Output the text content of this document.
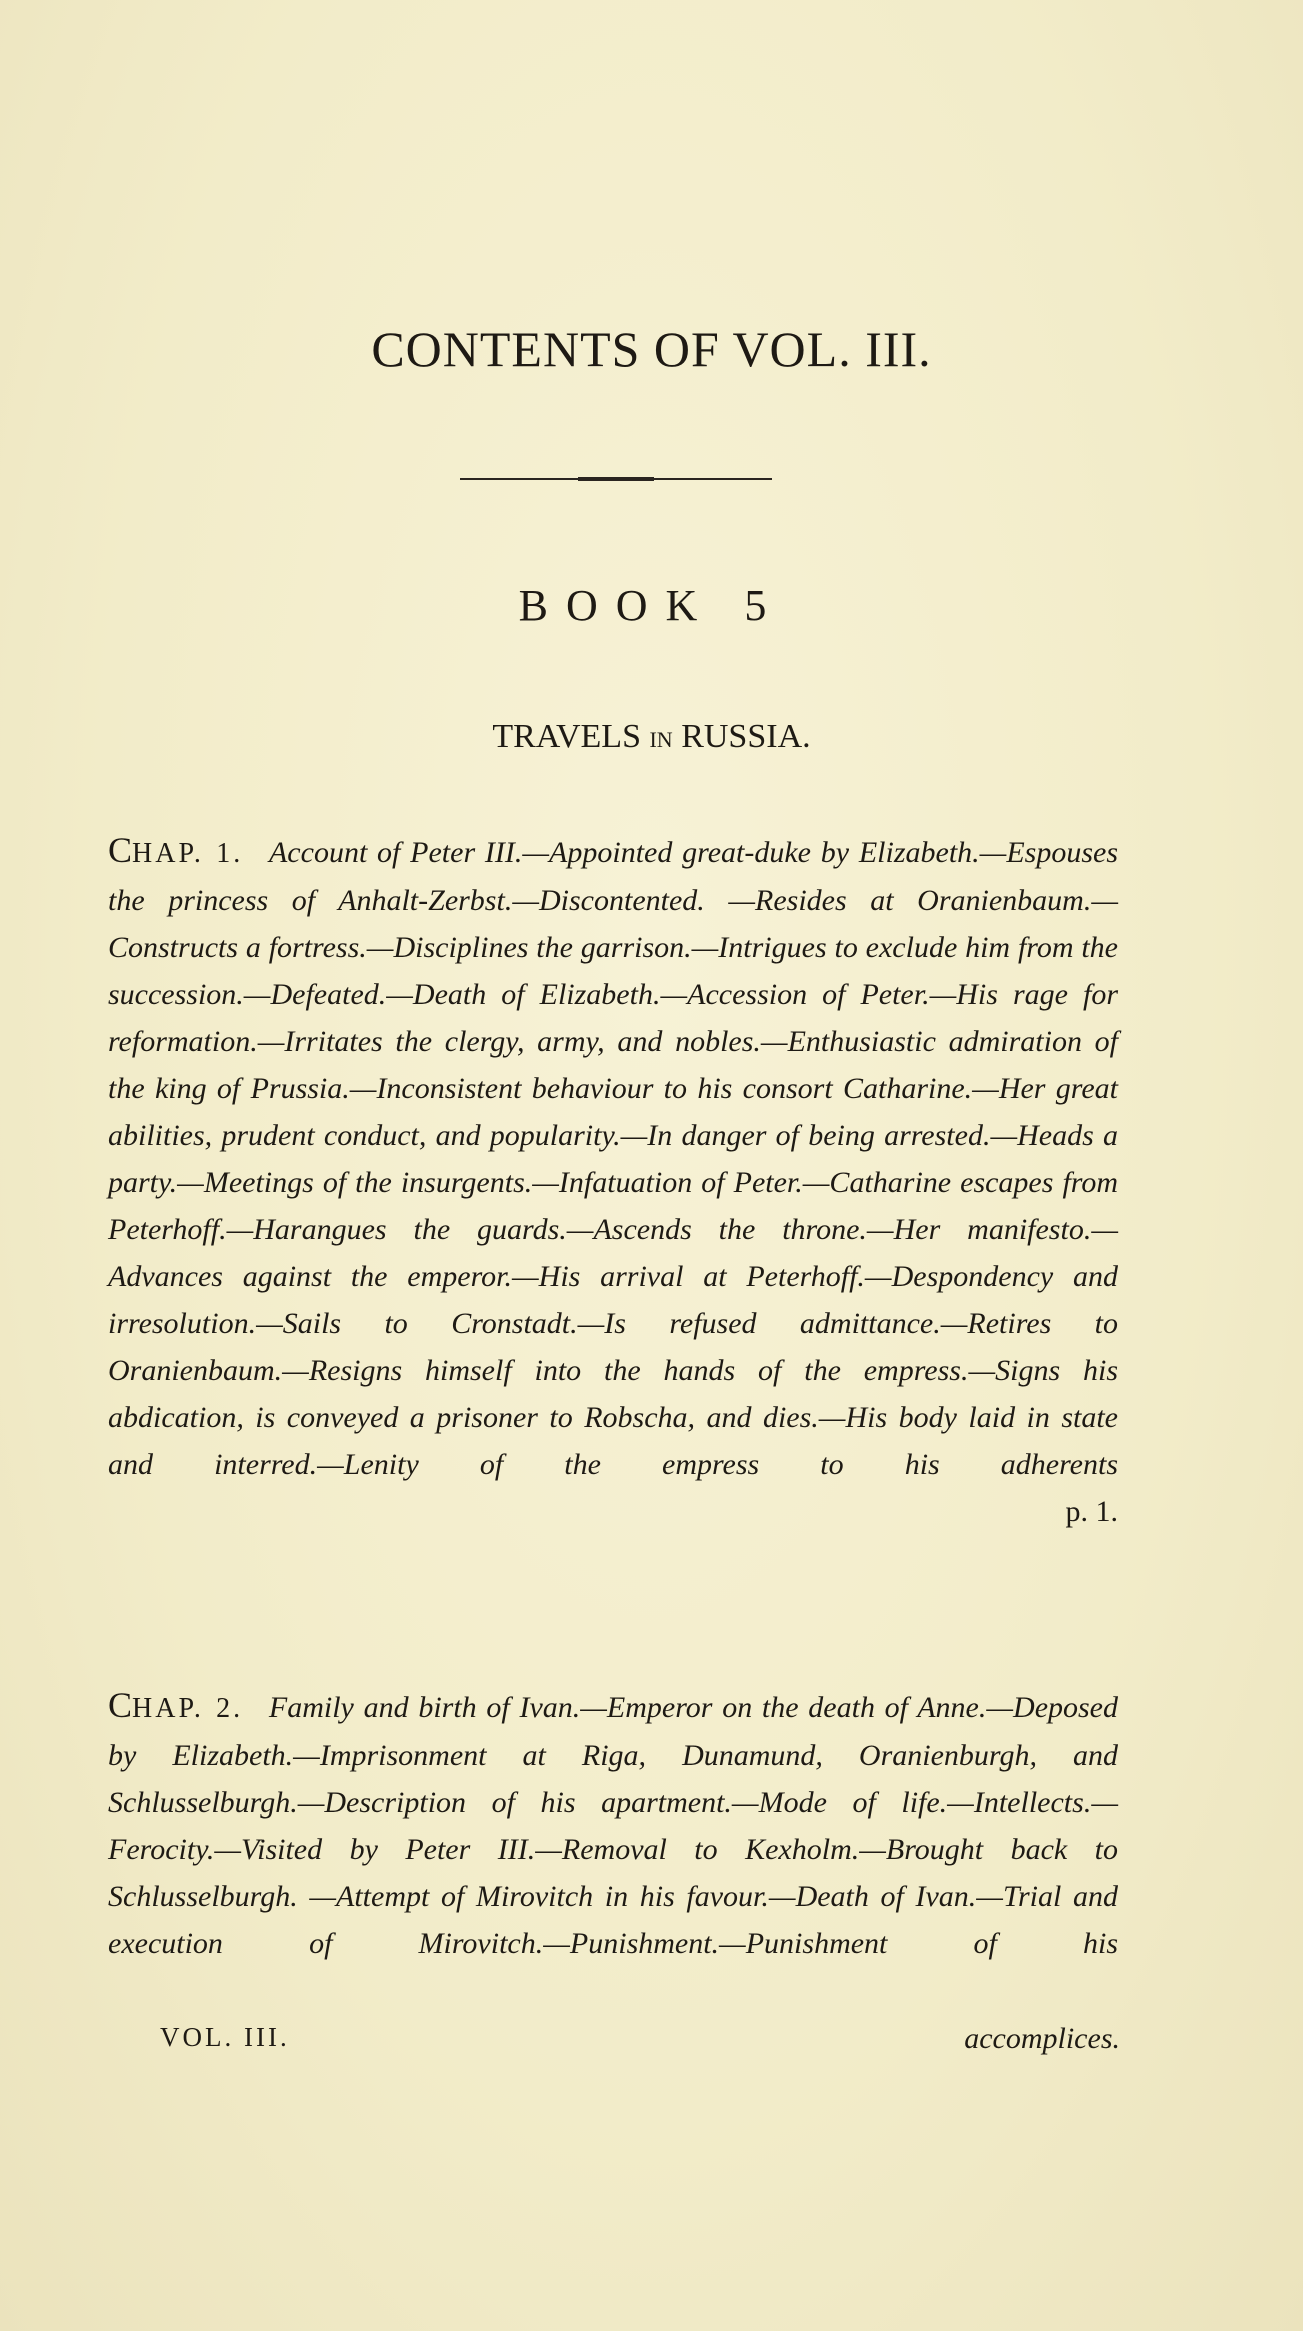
CONTENTS OF VOL. III.
BOOK 5
TRAVELS IN RUSSIA.

CHAP. 1. Account of Peter III.—Appointed great-duke by Elizabeth.—Espouses the princess of Anhalt-Zerbst.—Discontented. —Resides at Oranienbaum.—Constructs a fortress.—Disciplines the garrison.—Intrigues to exclude him from the succession.—Defeated.—Death of Elizabeth.—Accession of Peter.—His rage for reformation.—Irritates the clergy, army, and nobles.—Enthusiastic admiration of the king of Prussia.—Inconsistent behaviour to his consort Catharine.—Her great abilities, prudent conduct, and popularity.—In danger of being arrested.—Heads a party.—Meetings of the insurgents.—Infatuation of Peter.—Catharine escapes from Peterhoff.—Harangues the guards.—Ascends the throne.—Her manifesto.—Advances against the emperor.—His arrival at Peterhoff.—Despondency and irresolution.—Sails to Cronstadt.—Is refused admittance.—Retires to Oranienbaum.—Resigns himself into the hands of the empress.—Signs his abdication, is conveyed a prisoner to Robscha, and dies.—His body laid in state and interred.—Lenity of the empress to his adherents

p. 1.

CHAP. 2. Family and birth of Ivan.—Emperor on the death of Anne.—Deposed by Elizabeth.—Imprisonment at Riga, Dunamund, Oranienburgh, and Schlusselburgh.—Description of his apartment.—Mode of life.—Intellects.—Ferocity.—Visited by Peter III.—Removal to Kexholm.—Brought back to Schlusselburgh. —Attempt of Mirovitch in his favour.—Death of Ivan.—Trial and execution of Mirovitch.—Punishment.—Punishment of his

VOL. III.	accomplices.
